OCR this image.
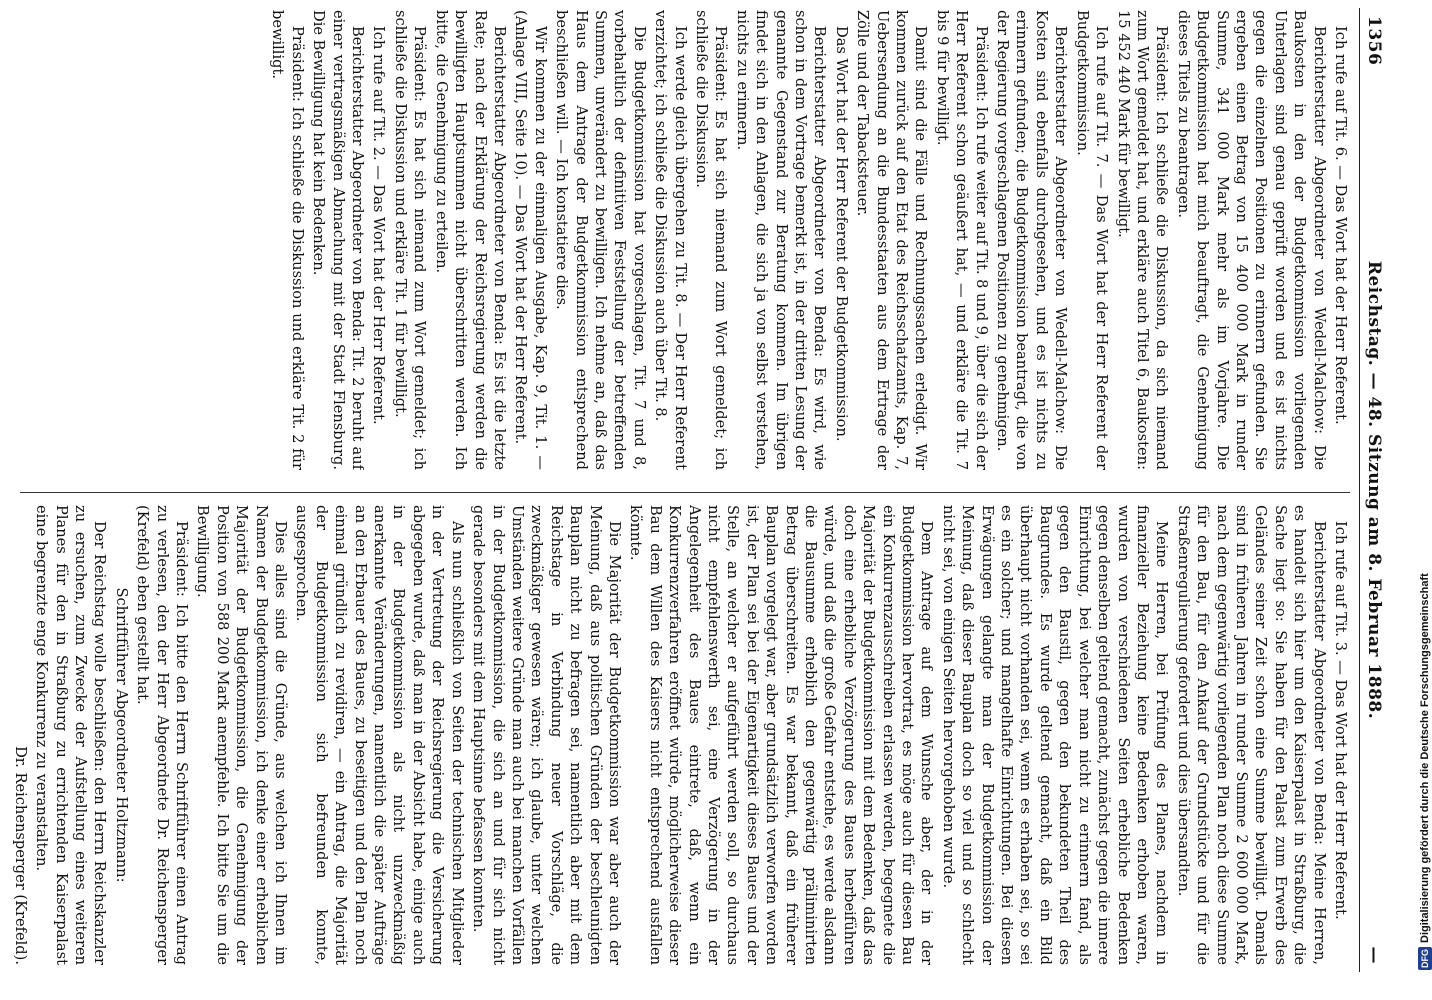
1356
Reichstag. — 48. Sitzung am 8. Februar 1888.
—

Ich rufe auf Tit. 6. — Das Wort hat der Herr Referent.

Berichterstatter Abgeordneter von Wedell-Malchow: Die Baukosten in den der Budgetkommission vorliegenden Unterlagen sind genau geprüft worden und es ist nichts gegen die einzelnen Positionen zu erinnern gefunden. Sie ergeben einen Betrag von 15 400 000 Mark in runder Summe, 341 000 Mark mehr als im Vorjahre. Die Budgetkommission hat mich beauftragt, die Genehmigung dieses Titels zu beantragen.

Präsident: Ich schließe die Diskussion, da sich niemand zum Wort gemeldet hat, und erkläre auch Titel 6, Baukosten: 15 452 440 Mark für bewilligt.

Ich rufe auf Tit. 7. — Das Wort hat der Herr Referent der Budgetkommission.

Berichterstatter Abgeordneter von Wedell-Malchow: Die Kosten sind ebenfalls durchgesehen, und es ist nichts zu erinnern gefunden; die Budgetkommission beantragt, die von der Regierung vorgeschlagenen Positionen zu genehmigen.

Präsident: Ich rufe weiter auf Tit. 8 und 9, über die sich der Herr Referent schon geäußert hat, — und erkläre die Tit. 7 bis 9 für bewilligt.

Damit sind die Fälle und Rechnungssachen erledigt. Wir kommen zurück auf den Etat des Reichsschatzamts, Kap. 7, Uebersendung an die Bundesstaaten aus dem Ertrage der Zölle und der Tabacksteuer.

Das Wort hat der Herr Referent der Budgetkommission.

Berichterstatter Abgeordneter von Benda: Es wird, wie schon in dem Vortrage bemerkt ist, in der dritten Lesung der genannte Gegenstand zur Beratung kommen. Im übrigen findet sich in den Anlagen, die sich ja von selbst verstehen, nichts zu erinnern.

Präsident: Es hat sich niemand zum Wort gemeldet; ich schließe die Diskussion.

Ich werde gleich übergehen zu Tit. 8. — Der Herr Referent verzichtet; ich schließe die Diskussion auch über Tit. 8.

Die Budgetkommission hat vorgeschlagen, Tit. 7 und 8, vorbehaltlich der definitiven Feststellung der betreffenden Summen, unverändert zu bewilligen. Ich nehme an, daß das Haus dem Antrage der Budgetkommission entsprechend beschließen will. — Ich konstatiere dies.

Wir kommen zu der einmaligen Ausgabe, Kap. 9, Tit. 1. — (Anlage VIII, Seite 10). — Das Wort hat der Herr Referent.

Berichterstatter Abgeordneter von Benda: Es ist die letzte Rate; nach der Erklärung der Reichsregierung werden die bewilligten Hauptsummen nicht überschritten werden. Ich bitte, die Genehmigung zu erteilen.

Präsident: Es hat sich niemand zum Wort gemeldet; ich schließe die Diskussion und erkläre Tit. 1 für bewilligt.

Ich rufe auf Tit. 2. — Das Wort hat der Herr Referent.

Berichterstatter Abgeordneter von Benda: Tit. 2 beruht auf einer vertragsmäßigen Abmachung mit der Stadt Flensburg. Die Bewilligung hat kein Bedenken.

Präsident: Ich schließe die Diskussion und erkläre Tit. 2 für bewilligt.

Ich rufe auf Tit. 3. — Das Wort hat der Herr Referent.

Berichterstatter Abgeordneter von Benda: Meine Herren, es handelt sich hier um den Kaiserpalast in Straßburg, die Sache liegt so: Sie haben für den Palast zum Erwerb des Geländes seiner Zeit schon eine Summe bewilligt. Damals sind in früheren Jahren in runder Summe 2 600 000 Mark, nach dem gegenwärtig vorliegenden Plan noch diese Summe für den Bau, für den Ankauf der Grundstücke und für die Straßenregulierung gefordert und dies übersandten.

Meine Herren, bei Prüfung des Planes, nachdem in finanzieller Beziehung keine Bedenken erhoben waren, wurden von verschiedenen Seiten erhebliche Bedenken gegen denselben geltend gemacht, zunächst gegen die innere Einrichtung, bei welcher man nicht zu erinnern fand, als gegen den Baustil, gegen den bekundeten Theil des Baugrundes. Es wurde geltend gemacht, daß ein Bild überhaupt nicht vorhanden sei, wenn es erhaben sei, so sei es ein solcher; und mangelhafte Einrichtungen. Bei diesen Erwägungen gelangte man der Budgetkommission der Meinung, daß dieser Bauplan doch so viel und so schlecht nicht sei, von einigen Seiten hervorgehoben wurde.

Dem Antrage auf dem Wunsche aber, der in der Budgetkommission hervortrat, es möge auch für diesen Bau ein Konkurrenzausschreiben erlassen werden, begegnete die Majorität der Budgetkommission mit dem Bedenken, daß das doch eine erhebliche Verzögerung des Baues herbeiführen würde, und daß die große Gefahr entstehe, es werde alsdann die Bausumme erheblich den gegenwärtig präliminirten Betrag überschreiten. Es war bekannt, daß ein früherer Bauplan vorgelegt war, aber grundsätzlich verworfen worden ist, der Plan sei bei der Eigenartigkeit dieses Baues und der Stelle, an welcher er aufgeführt werden soll, so durchaus nicht empfehlenswerth sei, eine Verzögerung in der Angelegenheit des Baues eintrete, daß, wenn ein Konkurrenzverfahren eröffnet würde, möglicherweise dieser Bau dem Willen des Kaisers nicht entsprechend ausfallen könnte.

Die Majorität der Budgetkommission war aber auch der Meinung, daß aus politischen Gründen der beschleunigten Bauplan nicht zu befragen sei, namentlich aber mit dem Reichstage in Verbindung neuer Vorschläge, die zweckmäßiger gewesen wären; ich glaube, unter welchen Umständen weitere Gründe man auch bei manchen Vorfällen in der Budgetkommission, die sich an und für sich nicht gerade besonders mit dem Hauptsinne befassen konnten.

Als nun schließlich von Seiten der technischen Mitglieder in der Vertretung der Reichsregierung die Versicherung abgegeben wurde, daß man in der Absicht habe, einige auch in der Budgetkommission als nicht unzweckmäßig anerkannte Veränderungen, namentlich die später Aufträge an den Erbauer des Baues, zu beseitigen und den Plan noch einmal gründlich zu revidiren, — ein Antrag, die Majorität der Budgetkommission sich befreunden konnte, ausgesprochen.

Dies alles sind die Gründe, aus welchen ich Ihnen im Namen der Budgetkommission, ich denke einer erheblichen Majorität der Budgetkommission, die Genehmigung der Position von 588 200 Mark anempfehle. Ich bitte Sie um die Bewilligung.

Präsident: Ich bitte den Herrn Schriftführer einen Antrag zu verlesen, den der Herr Abgeordnete Dr. Reichensperger (Krefeld) eben gestellt hat.

Schriftführer Abgeordneter Holtzmann:

Der Reichstag wolle beschließen: den Herrn Reichskanzler zu ersuchen, zum Zwecke der Aufstellung eines weiteren Planes für den in Straßburg zu errichtenden Kaiserpalast eine begrenzte enge Konkurrenz zu veranstalten.

Dr. Reichensperger (Krefeld).	DFGDigitalisierung gefördert durch die Deutsche Forschungsgemeinschaft
